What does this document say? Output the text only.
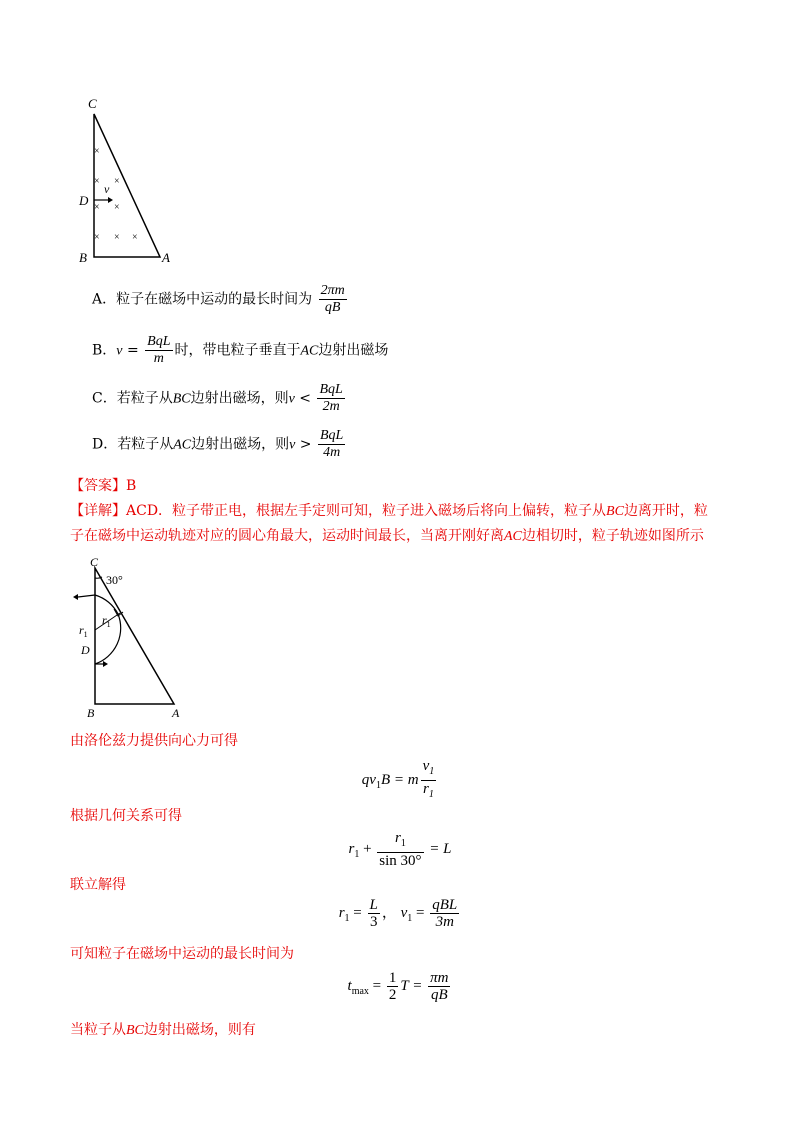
C
D
B	A
v
×
× ×
× ×
× × ×
A．粒子在磁场中运动的最长时间为 $\frac{2\pi m}{qB}$
B．$v = \frac{\text{BqL}}{m}$ 时，带电粒子垂直于AC边射出磁场
C．若粒子从BC边射出磁场，则$v < \frac{\text{BqL}}{2m}$
D．若粒子从AC边射出磁场，则$v > \frac{\text{BqL}}{4m}$
【答案】B
【详解】ACD．粒子带正电，根据左手定则可知，粒子进入磁场后将向上偏转，粒子从BC边离开时，粒
子在磁场中运动轨迹对应的圆心角最大，运动时间最长，当离开刚好离AC边相切时，粒子轨迹如图所示
C
30°
$r_1$
$r_1$
D
B	A
由洛伦兹力提供向心力可得
$qv_1B = m \frac{v_1}{r_1}$
根据几何关系可得
$r_1 + \frac{r_1}{\sin 30^\circ} = L$
联立解得
$r_1 = \frac{L}{3}$ ， $v_1 = \frac{\text{qBL}}{3m}$
可知粒子在磁场中运动的最长时间为
$t_{max} = \frac{1}{2}$ $T = \frac{\pi m}{qB}$
当粒子从BC边射出磁场，则有
